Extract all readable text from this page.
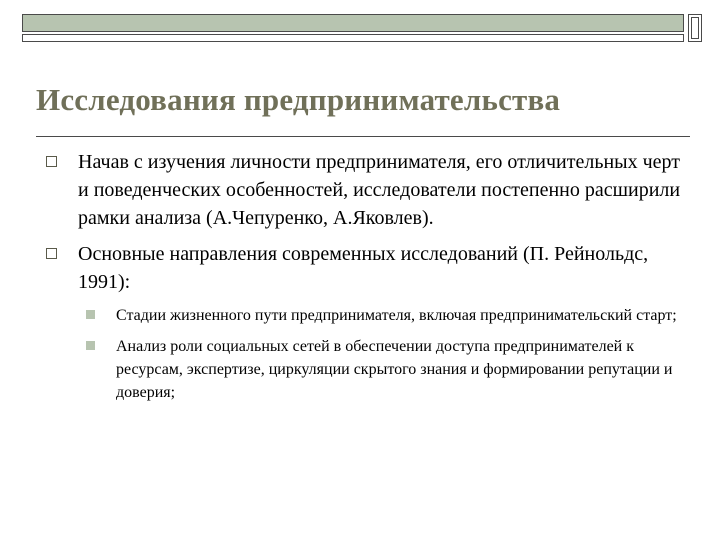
Исследования предпринимательства
Начав с изучения личности предпринимателя, его отличительных черт и поведенческих особенностей, исследователи постепенно расширили рамки анализа (А.Чепуренко, А.Яковлев).
Основные направления современных исследований (П. Рейнольдс, 1991):
Стадии жизненного пути предпринимателя, включая предпринимательский старт;
Анализ роли социальных сетей в обеспечении доступа предпринимателей к ресурсам, экспертизе, циркуляции скрытого знания и формировании репутации и доверия;
